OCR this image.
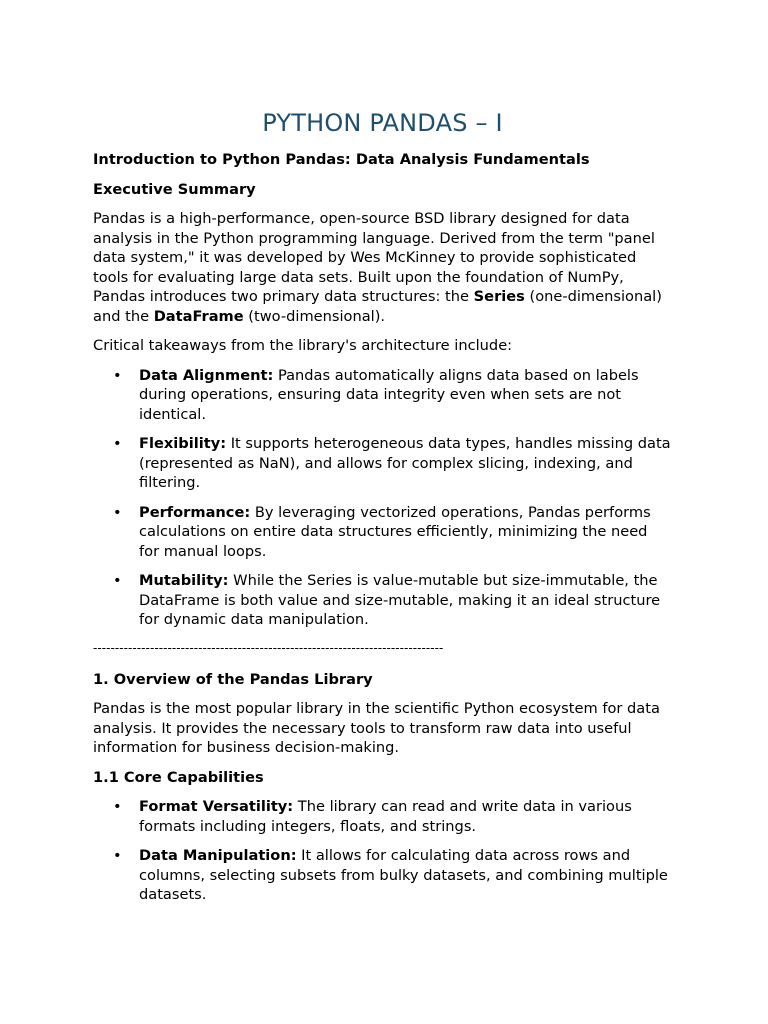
PYTHON PANDAS – I
Introduction to Python Pandas: Data Analysis Fundamentals
Executive Summary

Pandas is a high-performance, open-source BSD library designed for data analysis in the Python programming language. Derived from the term "panel data system," it was developed by Wes McKinney to provide sophisticated tools for evaluating large data sets. Built upon the foundation of NumPy, Pandas introduces two primary data structures: the Series (one-dimensional) and the DataFrame (two-dimensional).

Critical takeaways from the library's architecture include:

• Data Alignment: Pandas automatically aligns data based on labels during operations, ensuring data integrity even when sets are not identical.
• Flexibility: It supports heterogeneous data types, handles missing data (represented as NaN), and allows for complex slicing, indexing, and filtering.
• Performance: By leveraging vectorized operations, Pandas performs calculations on entire data structures efficiently, minimizing the need for manual loops.
• Mutability: While the Series is value-mutable but size-immutable, the DataFrame is both value and size-mutable, making it an ideal structure for dynamic data manipulation.
--------------------------------------------------------------------------------
1. Overview of the Pandas Library

Pandas is the most popular library in the scientific Python ecosystem for data analysis. It provides the necessary tools to transform raw data into useful information for business decision-making.

1.1 Core Capabilities
• Format Versatility: The library can read and write data in various formats including integers, floats, and strings.
• Data Manipulation: It allows for calculating data across rows and columns, selecting subsets from bulky datasets, and combining multiple datasets.
